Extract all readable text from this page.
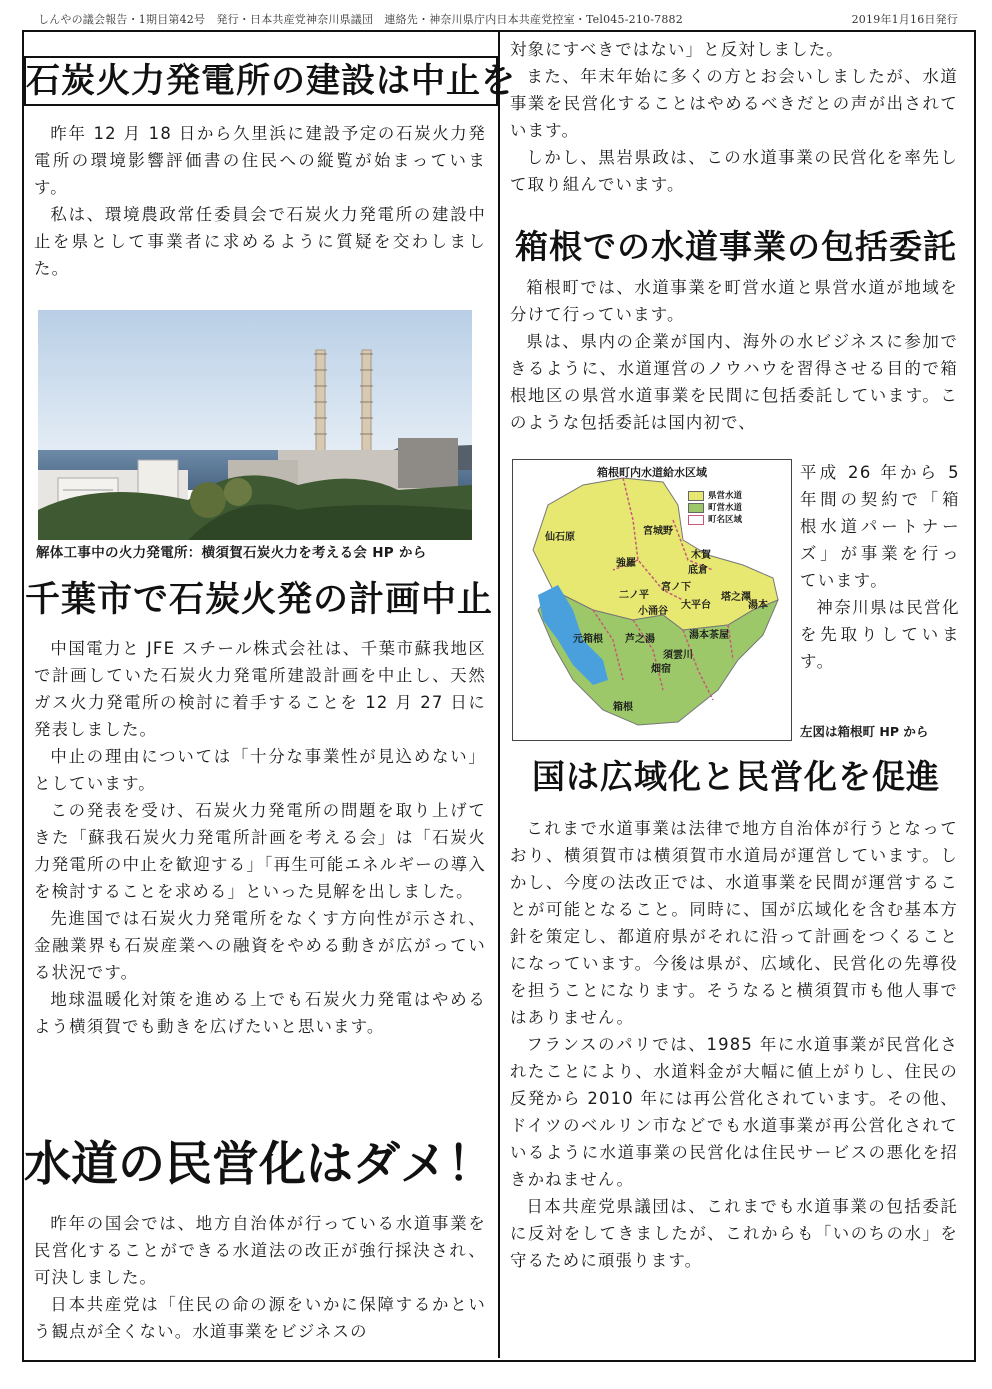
しんやの議会報告・1期目第42号　発行・日本共産党神奈川県議団　連絡先・神奈川県庁内日本共産党控室・Tel045-210-7882	2019年1月16日発行
石炭火力発電所の建設は中止を

昨年 12 月 18 日から久里浜に建設予定の石炭火力発電所の環境影響評価書の住民への縦覧が始まっています。

私は、環境農政常任委員会で石炭火力発電所の建設中止を県として事業者に求めるように質疑を交わしました。

解体工事中の火力発電所：横須賀石炭火力を考える会 HP から
千葉市で石炭火発の計画中止

中国電力と JFE スチール株式会社は、千葉市蘇我地区で計画していた石炭火力発電所建設計画を中止し、天然ガス火力発電所の検討に着手することを 12 月 27 日に発表しました。

中止の理由については「十分な事業性が見込めない」としています。

この発表を受け、石炭火力発電所の問題を取り上げてきた「蘇我石炭火力発電所計画を考える会」は「石炭火力発電所の中止を歓迎する」「再生可能エネルギーの導入を検討することを求める」といった見解を出しました。

先進国では石炭火力発電所をなくす方向性が示され、金融業界も石炭産業への融資をやめる動きが広がっている状況です。

地球温暖化対策を進める上でも石炭火力発電はやめるよう横須賀でも動きを広げたいと思います。

水道の民営化はダメ！

昨年の国会では、地方自治体が行っている水道事業を民営化することができる水道法の改正が強行採決され、可決しました。

日本共産党は「住民の命の源をいかに保障するかという観点が全くない。水道事業をビジネスの

対象にすべきではない」と反対しました。

また、年末年始に多くの方とお会いしましたが、水道事業を民営化することはやめるべきだとの声が出されています。

しかし、黒岩県政は、この水道事業の民営化を率先して取り組んでいます。

箱根での水道事業の包括委託

箱根町では、水道事業を町営水道と県営水道が地域を分けて行っています。

県は、県内の企業が国内、海外の水ビジネスに参加できるように、水道運営のノウハウを習得させる目的で箱根地区の県営水道事業を民間に包括委託しています。このような包括委託は国内初で、

箱根町内水道給水区域
県営水道
町営水道
町名区域
仙石原
宮城野
強羅
木賀
底倉
二ノ平
宮ノ下
小涌谷
大平台
塔之澤
湯本
元箱根 芦之湯	湯本茶屋
須雲川
畑宿
箱根

平成 26 年から 5 年間の契約で「箱根水道パートナーズ」が事業を行っています。

神奈川県は民営化を先取りしています。

左図は箱根町 HP から
国は広域化と民営化を促進

これまで水道事業は法律で地方自治体が行うとなっており、横須賀市は横須賀市水道局が運営しています。しかし、今度の法改正では、水道事業を民間が運営することが可能となること。同時に、国が広域化を含む基本方針を策定し、都道府県がそれに沿って計画をつくることになっています。今後は県が、広域化、民営化の先導役を担うことになります。そうなると横須賀市も他人事ではありません。

フランスのパリでは、1985 年に水道事業が民営化されたことにより、水道料金が大幅に値上がりし、住民の反発から 2010 年には再公営化されています。その他、ドイツのベルリン市などでも水道事業が再公営化されているように水道事業の民営化は住民サービスの悪化を招きかねません。

日本共産党県議団は、これまでも水道事業の包括委託に反対をしてきましたが、これからも「いのちの水」を守るために頑張ります。
